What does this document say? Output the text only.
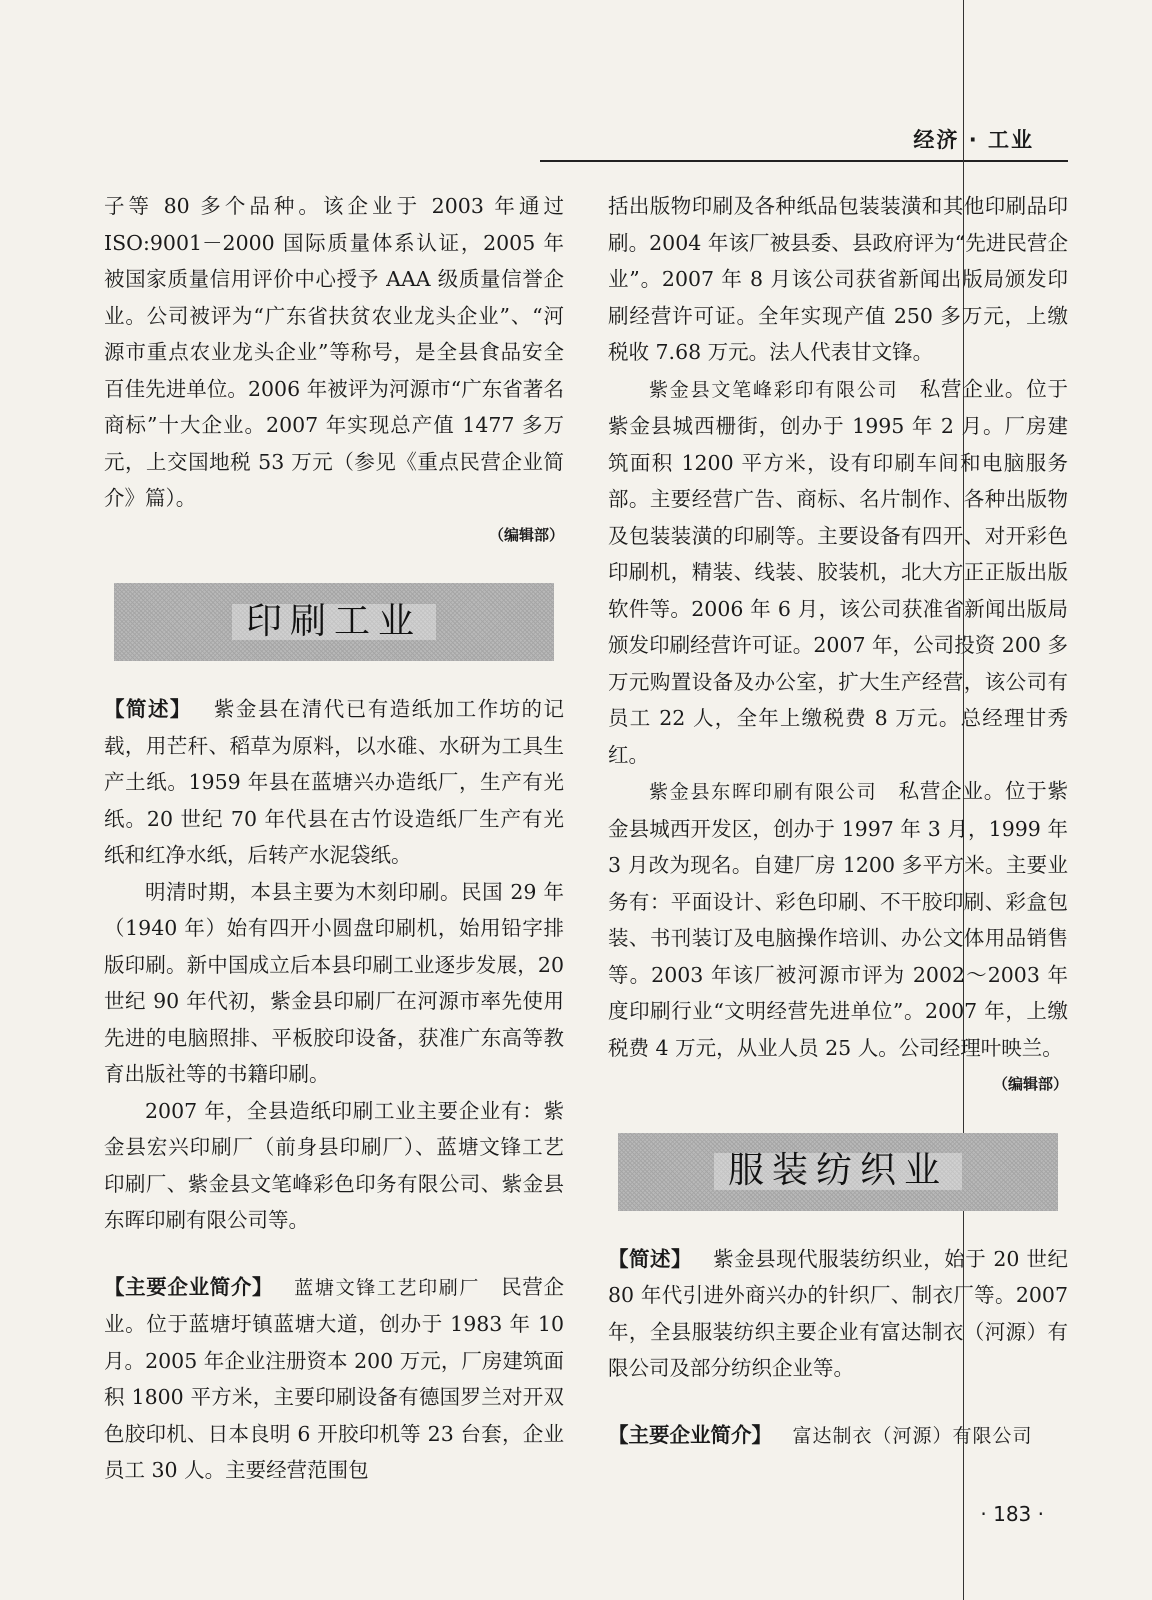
经济 · 工业

子等 80 多个品种。该企业于 2003 年通过 ISO:9001－2000 国际质量体系认证，2005 年被国家质量信用评价中心授予 AAA 级质量信誉企业。公司被评为“广东省扶贫农业龙头企业”、“河源市重点农业龙头企业”等称号，是全县食品安全百佳先进单位。2006 年被评为河源市“广东省著名商标”十大企业。2007 年实现总产值 1477 多万元，上交国地税 53 万元（参见《重点民营企业简介》篇）。

（编辑部）

印刷工业

【简述】  紫金县在清代已有造纸加工作坊的记载，用芒秆、稻草为原料，以水碓、水研为工具生产土纸。1959 年县在蓝塘兴办造纸厂，生产有光纸。20 世纪 70 年代县在古竹设造纸厂生产有光纸和红净水纸，后转产水泥袋纸。

明清时期，本县主要为木刻印刷。民国 29 年（1940 年）始有四开小圆盘印刷机，始用铅字排版印刷。新中国成立后本县印刷工业逐步发展，20 世纪 90 年代初，紫金县印刷厂在河源市率先使用先进的电脑照排、平板胶印设备，获准广东高等教育出版社等的书籍印刷。

2007 年，全县造纸印刷工业主要企业有：紫金县宏兴印刷厂（前身县印刷厂）、蓝塘文锋工艺印刷厂、紫金县文笔峰彩色印务有限公司、紫金县东晖印刷有限公司等。

【主要企业简介】  蓝塘文锋工艺印刷厂  民营企业。位于蓝塘圩镇蓝塘大道，创办于 1983 年 10 月。2005 年企业注册资本 200 万元，厂房建筑面积 1800 平方米，主要印刷设备有德国罗兰对开双色胶印机、日本良明 6 开胶印机等 23 台套，企业员工 30 人。主要经营范围包

括出版物印刷及各种纸品包装装潢和其他印刷品印刷。2004 年该厂被县委、县政府评为“先进民营企业”。2007 年 8 月该公司获省新闻出版局颁发印刷经营许可证。全年实现产值 250 多万元，上缴税收 7.68 万元。法人代表甘文锋。

紫金县文笔峰彩印有限公司  私营企业。位于紫金县城西栅街，创办于 1995 年 2 月。厂房建筑面积 1200 平方米，设有印刷车间和电脑服务部。主要经营广告、商标、名片制作、各种出版物及包装装潢的印刷等。主要设备有四开、对开彩色印刷机，精装、线装、胶装机，北大方正正版出版软件等。2006 年 6 月，该公司获准省新闻出版局颁发印刷经营许可证。2007 年，公司投资 200 多万元购置设备及办公室，扩大生产经营，该公司有员工 22 人，全年上缴税费 8 万元。总经理甘秀红。

紫金县东晖印刷有限公司  私营企业。位于紫金县城西开发区，创办于 1997 年 3 月，1999 年 3 月改为现名。自建厂房 1200 多平方米。主要业务有：平面设计、彩色印刷、不干胶印刷、彩盒包装、书刊装订及电脑操作培训、办公文体用品销售等。2003 年该厂被河源市评为 2002～2003 年度印刷行业“文明经营先进单位”。2007 年，上缴税费 4 万元，从业人员 25 人。公司经理叶映兰。

（编辑部）

服装纺织业

【简述】  紫金县现代服装纺织业，始于 20 世纪 80 年代引进外商兴办的针织厂、制衣厂等。2007 年，全县服装纺织主要企业有富达制衣（河源）有限公司及部分纺织企业等。

【主要企业简介】  富达制衣（河源）有限公司

· 183 ·
